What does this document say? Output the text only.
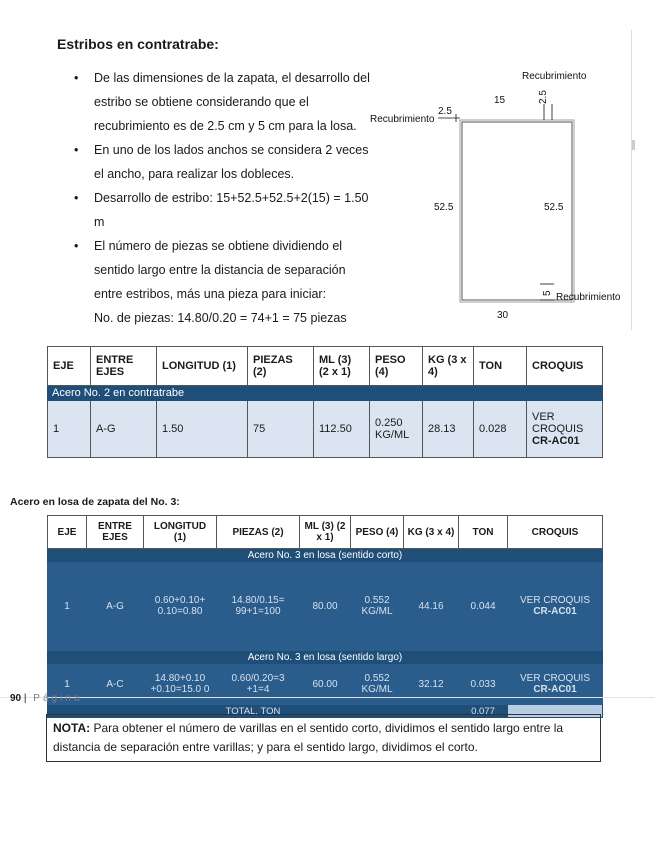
Estribos en contratrabe:
• De las dimensiones de la zapata, el desarrollo del estribo se obtiene considerando que el recubrimiento es de 2.5 cm y 5 cm para la losa.
• En uno de los lados anchos se considera 2 veces el ancho, para realizar los dobleces.
• Desarrollo de estribo: 15+52.5+52.5+2(15) = 1.50 m
• El número de piezas se obtiene dividiendo el sentido largo entre la distancia de separación entre estribos, más una pieza para iniciar:
No. de piezas: 14.80/0.20 = 74+1 = 75 piezas
Recubrimiento
Recubrimiento
Recubrimiento
15
2.5
2.5
52.5	52.5
5
30
EJE	ENTRE EJES	LONGITUD (1)	PIEZAS (2)	ML (3) (2 x 1)	PESO (4)	KG (3 x 4)	TON	CROQUIS
Acero No. 2 en contratrabe								
1	A-G	1.50	75	112.50	0.250 KG/ML	28.13	0.028	VER CROQUIS
CR-AC01
Acero en losa de zapata del No. 3:
EJE	ENTRE EJES	LONGITUD (1)	PIEZAS (2)	ML (3) (2 x 1)	PESO (4)	KG (3 x 4)	TON	CROQUIS
Acero No. 3 en losa (sentido corto)								
1	A-G	0.60+0.10+ 0.10=0.80	14.80/0.15= 99+1=100	80.00	0.552 KG/ML	44.16	0.044	VER CROQUIS
CR-AC01

Acero No. 3 en losa (sentido largo)								
1	A-C	14.80+0.10 +0.10=15.0 0	0.60/0.20=3 +1=4	60.00	0.552 KG/ML	32.12	0.033	VER CROQUIS
CR-AC01

TOTAL, TON							0.077	
90 | Página
NOTA: Para obtener el número de varillas en el sentido corto, dividimos el sentido largo entre la distancia de separación entre varillas; y para el sentido largo, dividimos el corto.
